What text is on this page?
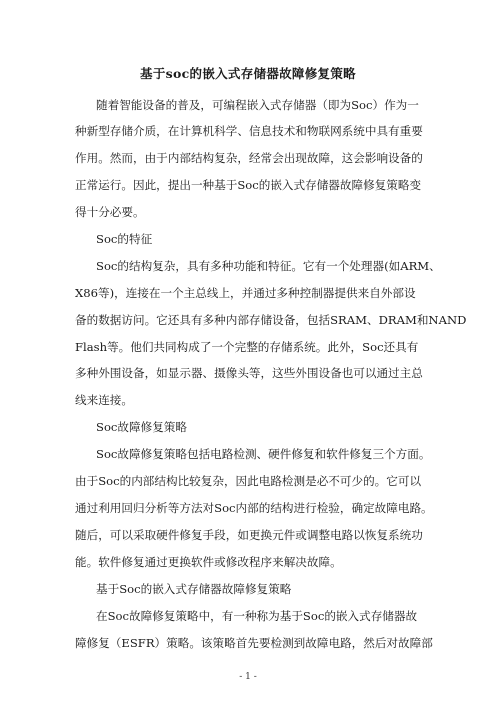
基于soc的嵌入式存储器故障修复策略
随着智能设备的普及，可编程嵌入式存储器（即为Soc）作为一
种新型存储介质，在计算机科学、信息技术和物联网系统中具有重要
作用。然而，由于内部结构复杂，经常会出现故障，这会影响设备的
正常运行。因此，提出一种基于Soc的嵌入式存储器故障修复策略变
得十分必要。
Soc的特征
Soc的结构复杂，具有多种功能和特征。它有一个处理器(如ARM、
X86等)，连接在一个主总线上，并通过多种控制器提供来自外部设
备的数据访问。它还具有多种内部存储设备，包括SRAM、DRAM和NAND
Flash等。他们共同构成了一个完整的存储系统。此外，Soc还具有
多种外围设备，如显示器、摄像头等，这些外围设备也可以通过主总
线来连接。
Soc故障修复策略
Soc故障修复策略包括电路检测、硬件修复和软件修复三个方面。
由于Soc的内部结构比较复杂，因此电路检测是必不可少的。它可以
通过利用回归分析等方法对Soc内部的结构进行检验，确定故障电路。
随后，可以采取硬件修复手段，如更换元件或调整电路以恢复系统功
能。软件修复通过更换软件或修改程序来解决故障。
基于Soc的嵌入式存储器故障修复策略
在Soc故障修复策略中，有一种称为基于Soc的嵌入式存储器故
障修复（ESFR）策略。该策略首先要检测到故障电路，然后对故障部
- 1 -
